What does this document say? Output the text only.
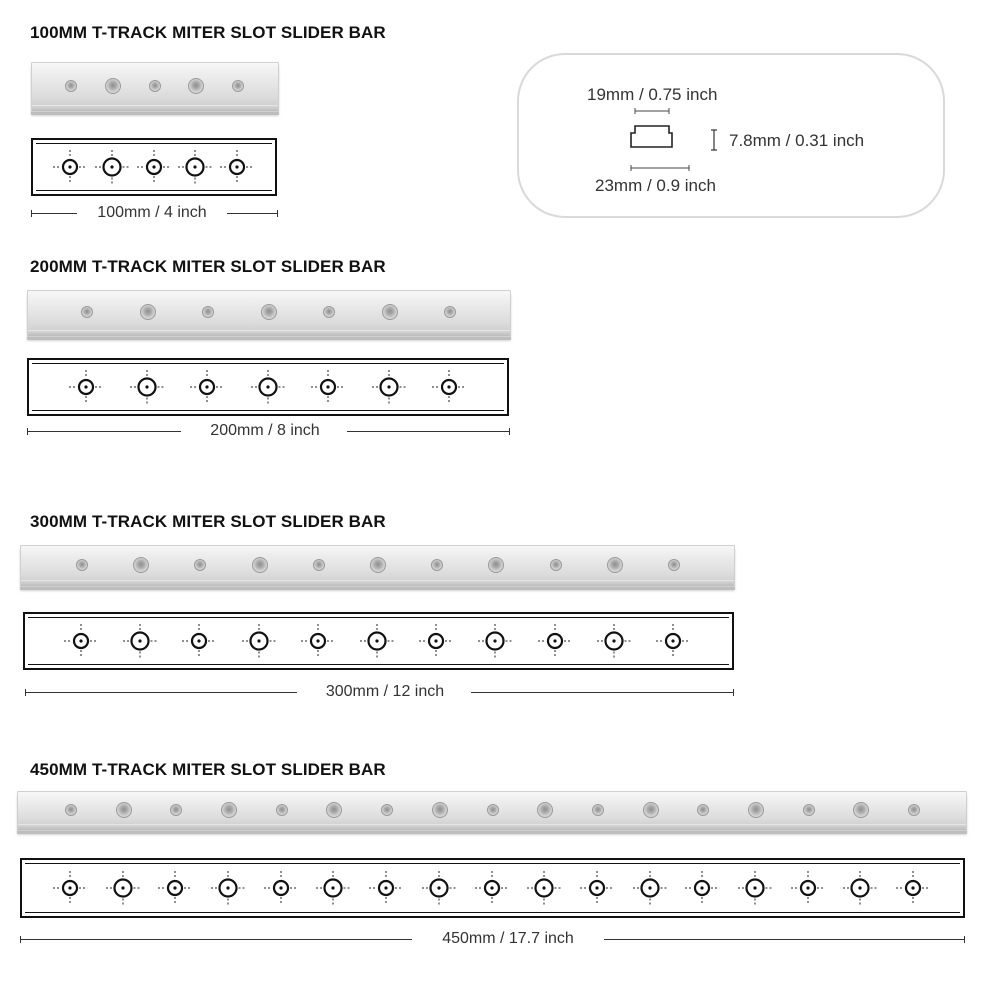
100MM T-TRACK MITER SLOT SLIDER BAR
200MM T-TRACK MITER SLOT SLIDER BAR
300MM T-TRACK MITER SLOT SLIDER BAR
450MM T-TRACK MITER SLOT SLIDER BAR
100mm / 4 inch
200mm / 8 inch
300mm / 12 inch
450mm / 17.7 inch
19mm / 0.75 inch
7.8mm / 0.31 inch
23mm / 0.9 inch
